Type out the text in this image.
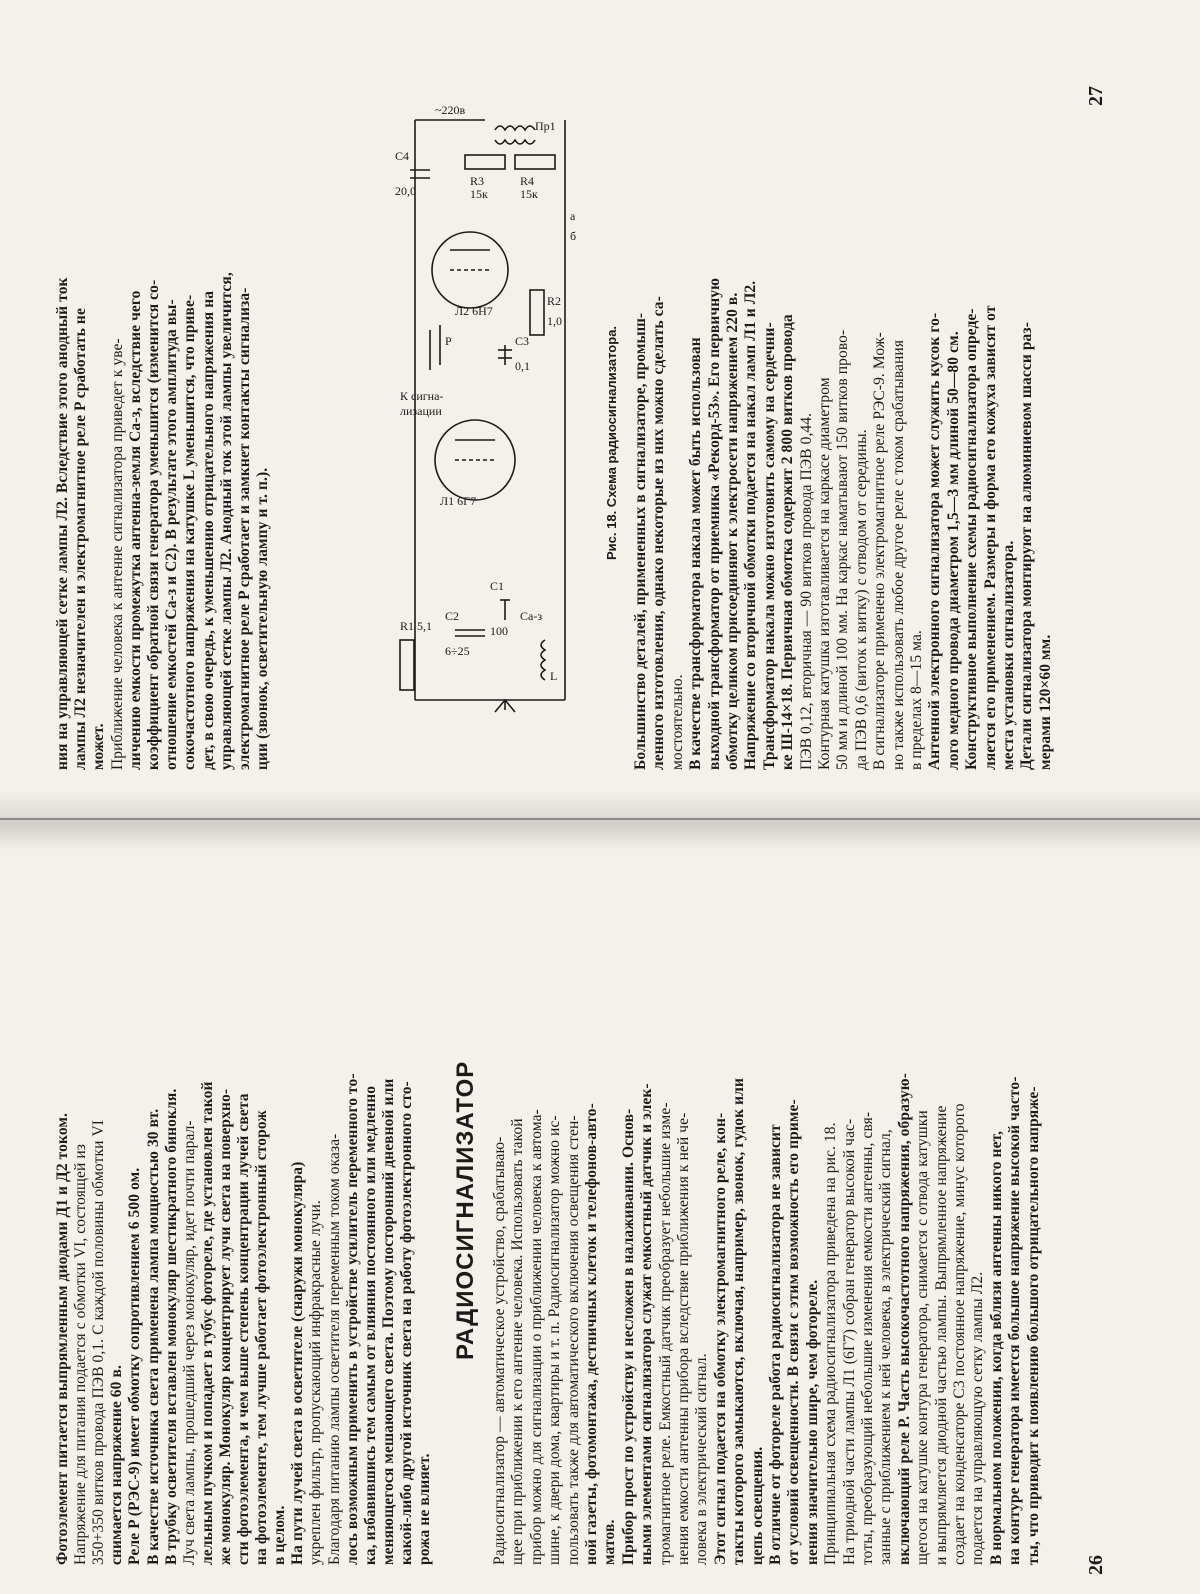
ния на управляющей сетке лампы Л2. Вследствие этого анодный ток лампы Л2 незначителен и электромагнитное реле P сработать не может. Приближение человека к антенне сигнализатора приведет к уве- личению емкости промежутка антенна-земля Cа-з, вследствие чего коэффициент обратной связи генератора уменьшится (изменится со- отношение емкостей Cа-з и C2). В результате этого амплитуда вы- сокочастотного напряжения на катушке L уменьшится, что приве- дет, в свою очередь, к уменьшению отрицательного напряжения на управляющей сетке лампы Л2. Анодный ток этой лампы увеличится, электромагнитное реле P сработает и замкнет контакты сигнализа- ции (звонок, осветительную лампу и т. п.).	Большинство деталей, примененных в сигнализаторе, промыш- ленного изготовления, однако некоторые из них можно сделать са- мостоятельно. В качестве трансформатора накала может быть использован выходной трансформатор от приемника «Рекорд-53». Его первичную обмотку целиком присоединяют к электросети напряжением 220 в. Напряжение со вторичной обмотки подается на накал ламп Л1 и Л2. Трансформатор накала можно изготовить самому на сердечни- ке Ш-14×18. Первичная обмотка содержит 2 800 витков провода ПЭВ 0,12, вторичная — 90 витков провода ПЭВ 0,44. Контурная катушка изготавливается на каркасе диаметром 50 мм и длиной 100 мм. На каркас наматывают 150 витков прово- да ПЭВ 0,6 (виток к витку) с отводом от середины. В сигнализаторе применено электромагнитное реле РЭС-9. Мож- но также использовать любое другое реле с током срабатывания в пределах 8—15 ма. Антенной электронного сигнализатора может служить кусок го- лого медного провода диаметром 1,5—3 мм длиной 50—80 см. Конструктивное выполнение схемы радиосигнализатора опреде- ляется его применением. Размеры и форма его кожуха зависят от места установки сигнализатора. Детали сигнализатора монтируют на алюминиевом шасси раз- мерами 120×60 мм.
Рис. 18. Схема радиосигнализатора.
27
R1 5,1
C2
6÷25
C1
100
Cа-з
L
Л1 6Г7
C3
0,1
R2
1,0
К сигна-
лизации
P
Л2 6Н7
C4
20,0
R3
15к
R4
15к
Пр1
~220в
а
б
Фотоэлемент питается выпрямленным диодами Д1 и Д2 током. Напряжение для питания подается с обмотки VI, состоящей из 350+350 витков провода ПЭВ 0,1. С каждой половины обмотки VI снимается напряжение 60 в. Реле P (РЭС-9) имеет обмотку сопротивлением 6 500 ом. В качестве источника света применена лампа мощностью 30 вт. В трубку осветителя вставлен монокуляр шестикратного бинокля. Луч света лампы, прошедший через монокуляр, идет почти парал- лельным пучком и попадает в тубус фотореле, где установлен такой же монокуляр. Монокуляр концентрирует лучи света на поверхно- сти фотоэлемента, и чем выше степень концентрации лучей света на фотоэлементе, тем лучше работает фотоэлектронный сторож в целом. На пути лучей света в осветителе (снаружи монокуляра) укреплен фильтр, пропускающий инфракрасные лучи. Благодаря питанию лампы осветителя переменным током оказа- лось возможным применить в устройстве усилитель переменного то- ка, избавившись тем самым от влияния постоянного или медленно меняющегося мешающего света. Поэтому посторонний дневной или какой-либо другой источник света на работу фотоэлектронного сто- рожа не влияет.
РАДИОСИГНАЛИЗАТОР Радиосигнализатор — автоматическое устройство, срабатываю- щее при приближении к его антенне человека. Использовать такой прибор можно для сигнализации о приближении человека к автома- шине, к двери дома, квартиры и т. п. Радиосигнализатор можно ис- пользовать также для автоматического включения освещения стен- ной газеты, фотомонтажа, дестничных клеток и телефонов-авто- матов. Прибор прост по устройству и несложен в налаживании. Основ- ными элементами сигнализатора служат емкостный датчик и элек- тромагнитное реле. Емкостный датчик преобразует небольшие изме- нения емкости антенны прибора вследствие приближения к ней че- ловека в электрический сигнал. Этот сигнал подается на обмотку электромагнитного реле, кон- такты которого замыкаются, включая, например, звонок, гудок или цепь освещения. В отличие от фотореле работа радиосигнализатора не зависит от условий освещенности. В связи с этим возможность его приме- нения значительно шире, чем фотореле. Принципиальная схема радиосигнализатора приведена на рис. 18. На триодной части лампы Л1 (6Г7) собран генератор высокой час- тоты, преобразующий небольшие изменения емкости антенны, свя- занные с приближением к ней человека, в электрический сигнал, включающий реле P. Часть высокочастотного напряжения, образую- щегося на катушке контура генератора, снимается с отвода катушки и выпрямляется диодной частью лампы. Выпрямленное напряжение создает на конденсаторе C3 постоянное напряжение, минус которого подается на управляющую сетку лампы Л2. В нормальном положении, когда вблизи антенны никого нет, на контуре генератора имеется большое напряжение высокой часто- ты, что приводит к появлению большого отрицательного напряже- 26
